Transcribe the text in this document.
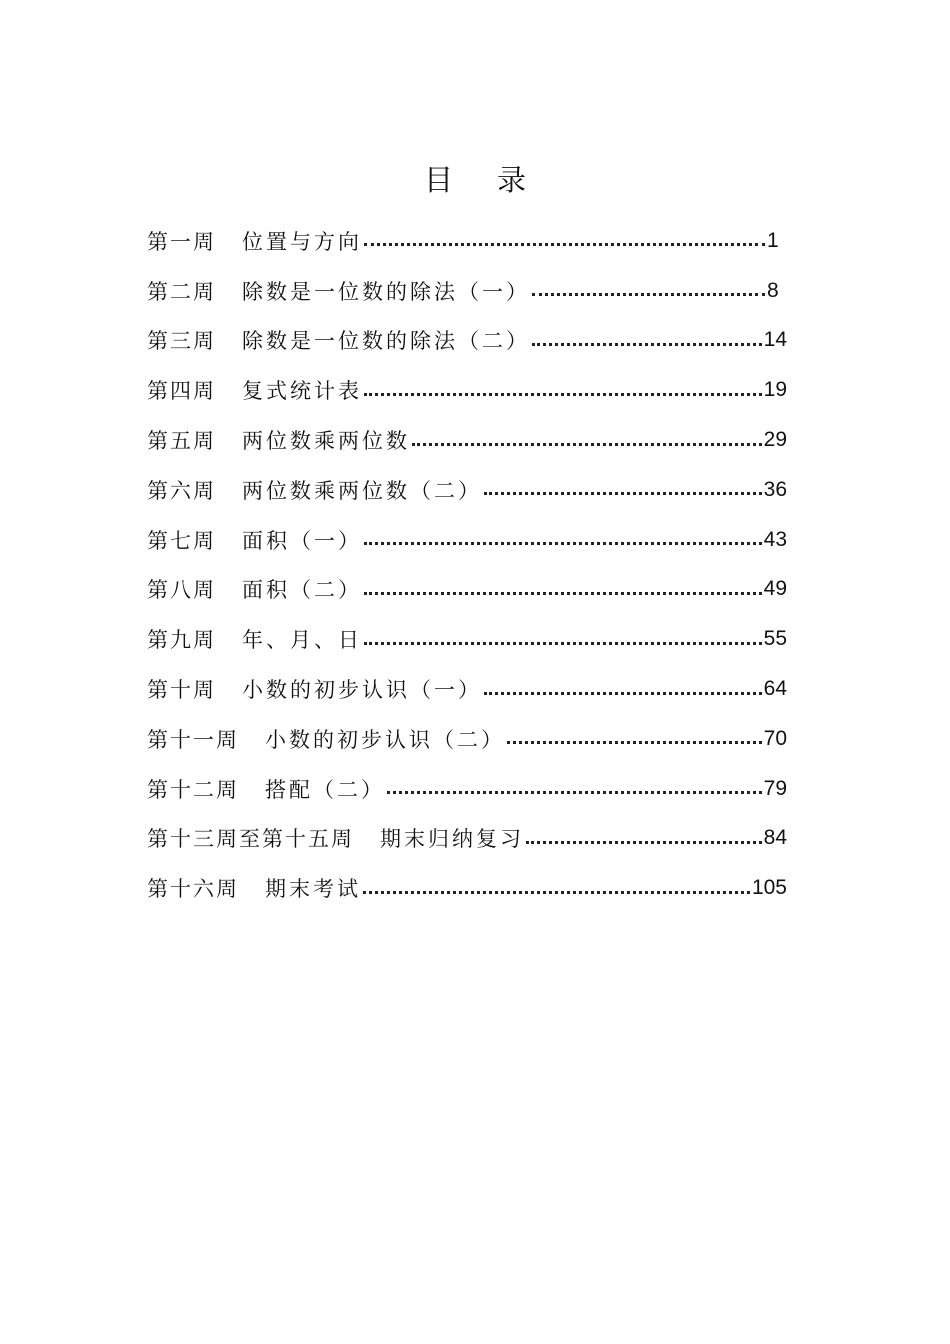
目录
第一周 位置与方向	1
第二周 除数是一位数的除法（一）	8
第三周 除数是一位数的除法（二）	14
第四周 复式统计表	19
第五周 两位数乘两位数	29
第六周 两位数乘两位数（二）	36
第七周 面积（一）	43
第八周 面积（二）	49
第九周 年、月、日	55
第十周 小数的初步认识（一）	64
第十一周 小数的初步认识（二）	70
第十二周 搭配（二）	79
第十三周至第十五周 期末归纳复习	84
第十六周 期末考试	105
